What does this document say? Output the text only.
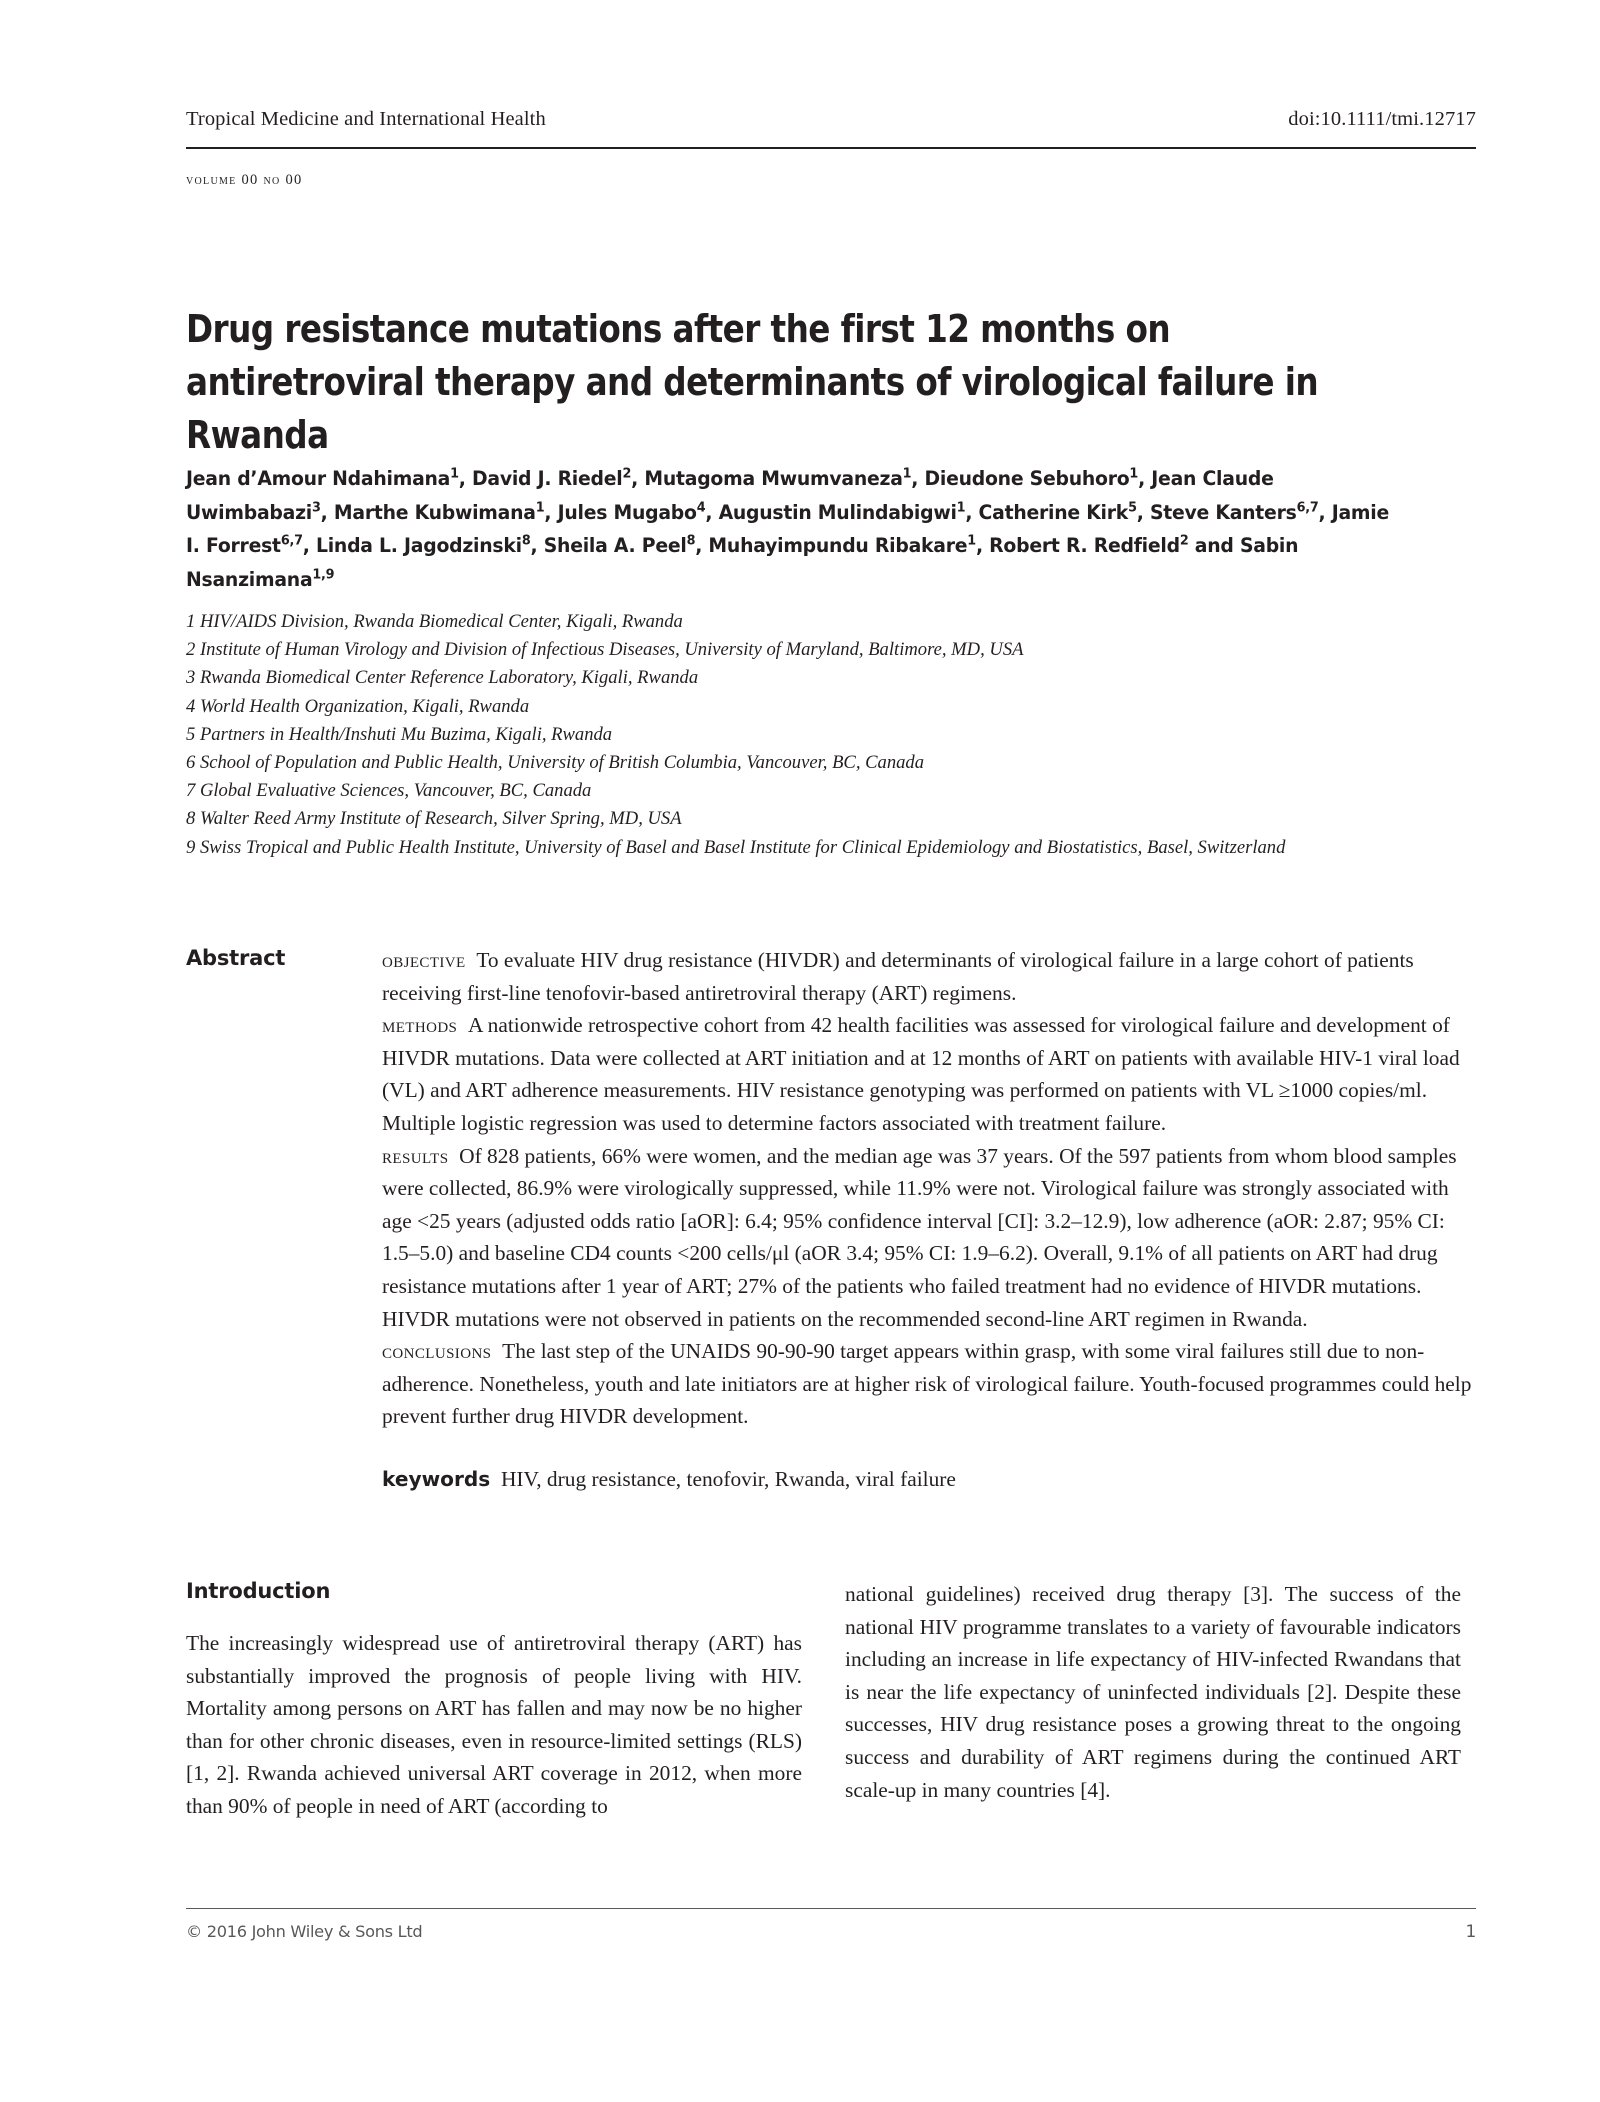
Tropical Medicine and International Health	doi:10.1111/tmi.12717
volume 00 no 00
Drug resistance mutations after the first 12 months on antiretroviral therapy and determinants of virological failure in Rwanda
Jean d’Amour Ndahimana$^1$, David J. Riedel$^2$, Mutagoma Mwumvaneza$^1$, Dieudone Sebuhoro$^1$, Jean Claude Uwimbabazi$^3$, Marthe Kubwimana$^1$, Jules Mugabo$^4$, Augustin Mulindabigwi$^1$, Catherine Kirk$^5$, Steve Kanters$^{6,7}$, Jamie I. Forrest$^{6,7}$, Linda L. Jagodzinski$^8$, Sheila A. Peel$^8$, Muhayimpundu Ribakare$^1$, Robert R. Redfield$^2$ and Sabin Nsanzimana$^{1,9}$
1 HIV/AIDS Division, Rwanda Biomedical Center, Kigali, Rwanda
2 Institute of Human Virology and Division of Infectious Diseases, University of Maryland, Baltimore, MD, USA
3 Rwanda Biomedical Center Reference Laboratory, Kigali, Rwanda
4 World Health Organization, Kigali, Rwanda
5 Partners in Health/Inshuti Mu Buzima, Kigali, Rwanda
6 School of Population and Public Health, University of British Columbia, Vancouver, BC, Canada
7 Global Evaluative Sciences, Vancouver, BC, Canada
8 Walter Reed Army Institute of Research, Silver Spring, MD, USA
9 Swiss Tropical and Public Health Institute, University of Basel and Basel Institute for Clinical Epidemiology and Biostatistics, Basel, Switzerland
Abstract	objective To evaluate HIV drug resistance (HIVDR) and determinants of virological failure in a large cohort of patients receiving first-line tenofovir-based antiretroviral therapy (ART) regimens.

methods A nationwide retrospective cohort from 42 health facilities was assessed for virological failure and development of HIVDR mutations. Data were collected at ART initiation and at 12 months of ART on patients with available HIV-1 viral load (VL) and ART adherence measurements. HIV resistance genotyping was performed on patients with VL ≥1000 copies/ml. Multiple logistic regression was used to determine factors associated with treatment failure.

results Of 828 patients, 66% were women, and the median age was 37 years. Of the 597 patients from whom blood samples were collected, 86.9% were virologically suppressed, while 11.9% were not. Virological failure was strongly associated with age <25 years (adjusted odds ratio [aOR]: 6.4; 95% confidence interval [CI]: 3.2–12.9), low adherence (aOR: 2.87; 95% CI: 1.5–5.0) and baseline CD4 counts <200 cells/μl (aOR 3.4; 95% CI: 1.9–6.2). Overall, 9.1% of all patients on ART had drug resistance mutations after 1 year of ART; 27% of the patients who failed treatment had no evidence of HIVDR mutations. HIVDR mutations were not observed in patients on the recommended second-line ART regimen in Rwanda.

conclusions The last step of the UNAIDS 90-90-90 target appears within grasp, with some viral failures still due to non-adherence. Nonetheless, youth and late initiators are at higher risk of virological failure. Youth-focused programmes could help prevent further drug HIVDR development.

keywords HIV, drug resistance, tenofovir, Rwanda, viral failure

Introduction

The increasingly widespread use of antiretroviral therapy (ART) has substantially improved the prognosis of people living with HIV. Mortality among persons on ART has fallen and may now be no higher than for other chronic diseases, even in resource-limited settings (RLS) [1, 2]. Rwanda achieved universal ART coverage in 2012, when more than 90% of people in need of ART (according to

national guidelines) received drug therapy [3]. The success of the national HIV programme translates to a variety of favourable indicators including an increase in life expectancy of HIV-infected Rwandans that is near the life expectancy of uninfected individuals [2]. Despite these successes, HIV drug resistance poses a growing threat to the ongoing success and durability of ART regimens during the continued ART scale-up in many countries [4].

© 2016 John Wiley & Sons Ltd	1
